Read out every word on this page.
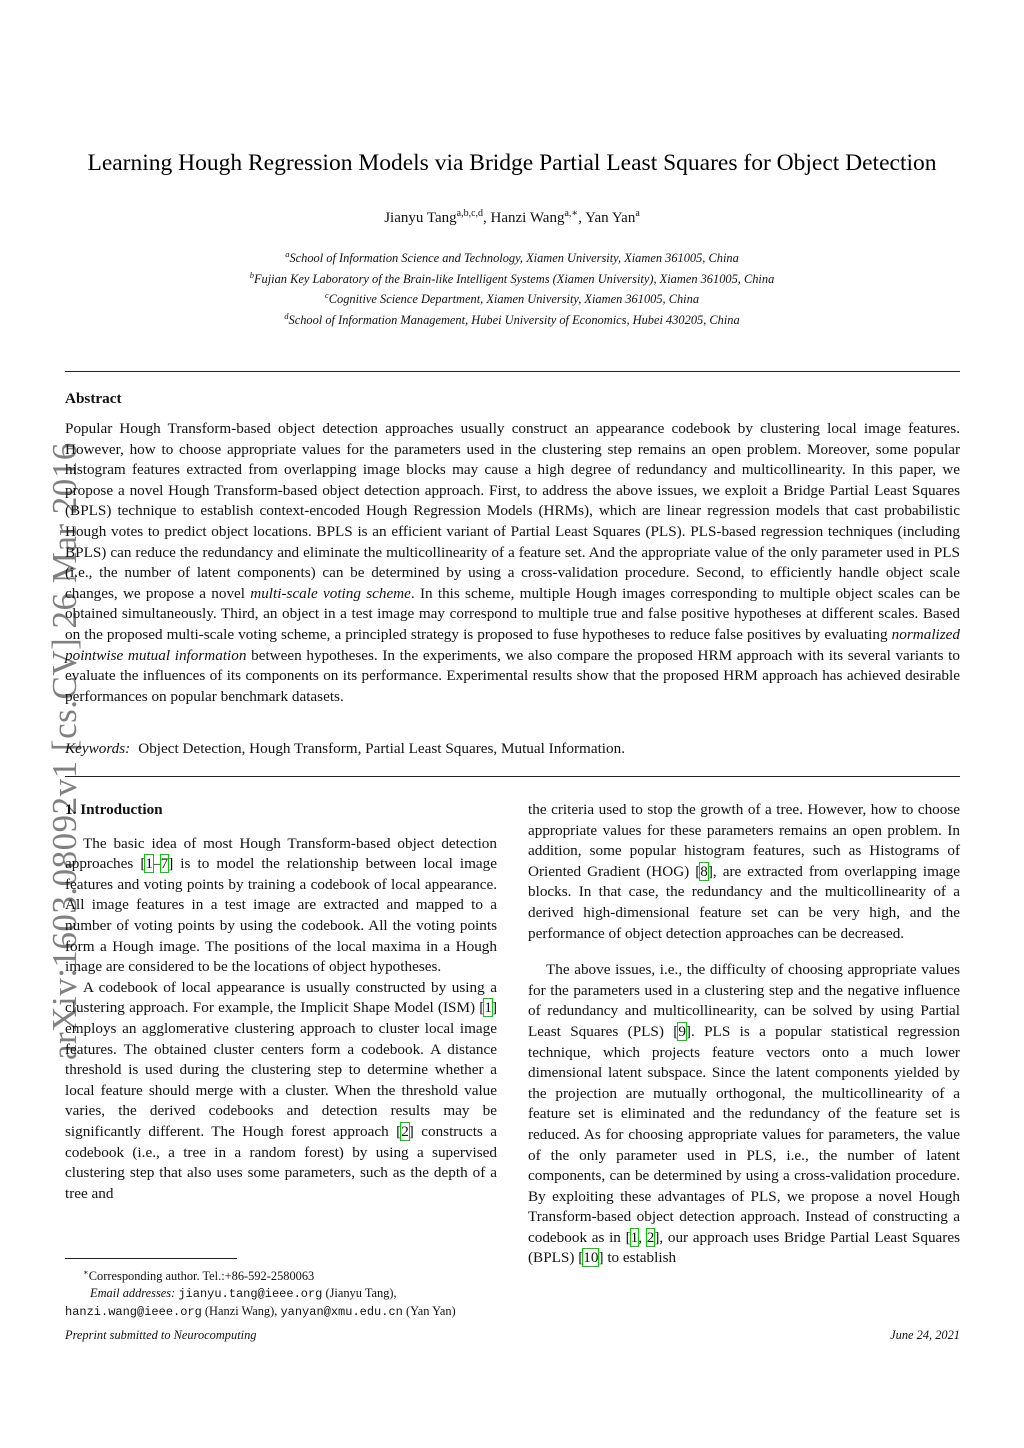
arXiv:1603.08092v1 [cs.CV] 26 Mar 2016
Learning Hough Regression Models via Bridge Partial Least Squares for Object Detection
Jianyu Tang$^{a,b,c,d}$, Hanzi Wang$^{a,∗}$, Yan Yan$^a$
$^a$School of Information Science and Technology, Xiamen University, Xiamen 361005, China
$^b$Fujian Key Laboratory of the Brain-like Intelligent Systems (Xiamen University), Xiamen 361005, China
$^c$Cognitive Science Department, Xiamen University, Xiamen 361005, China
$^d$School of Information Management, Hubei University of Economics, Hubei 430205, China
Abstract
Popular Hough Transform-based object detection approaches usually construct an appearance codebook by clustering local image features. However, how to choose appropriate values for the parameters used in the clustering step remains an open problem. Moreover, some popular histogram features extracted from overlapping image blocks may cause a high degree of redundancy and multicollinearity. In this paper, we propose a novel Hough Transform-based object detection approach. First, to address the above issues, we exploit a Bridge Partial Least Squares (BPLS) technique to establish context-encoded Hough Regression Models (HRMs), which are linear regression models that cast probabilistic Hough votes to predict object locations. BPLS is an efficient variant of Partial Least Squares (PLS). PLS-based regression techniques (including BPLS) can reduce the redundancy and eliminate the multicollinearity of a feature set. And the appropriate value of the only parameter used in PLS (i.e., the number of latent components) can be determined by using a cross-validation procedure. Second, to efficiently handle object scale changes, we propose a novel multi-scale voting scheme. In this scheme, multiple Hough images corresponding to multiple object scales can be obtained simultaneously. Third, an object in a test image may correspond to multiple true and false positive hypotheses at different scales. Based on the proposed multi-scale voting scheme, a principled strategy is proposed to fuse hypotheses to reduce false positives by evaluating normalized pointwise mutual information between hypotheses. In the experiments, we also compare the proposed HRM approach with its several variants to evaluate the influences of its components on its performance. Experimental results show that the proposed HRM approach has achieved desirable performances on popular benchmark datasets.
Keywords: Object Detection, Hough Transform, Partial Least Squares, Mutual Information.

1. Introduction

The basic idea of most Hough Transform-based object detection approaches [1–7] is to model the relationship between local image features and voting points by training a codebook of local appearance. All image features in a test image are extracted and mapped to a number of voting points by using the codebook. All the voting points form a Hough image. The positions of the local maxima in a Hough image are considered to be the locations of object hypotheses.

A codebook of local appearance is usually constructed by using a clustering approach. For example, the Implicit Shape Model (ISM) [1] employs an agglomerative clustering approach to cluster local image features. The obtained cluster centers form a codebook. A distance threshold is used during the clustering step to determine whether a local feature should merge with a cluster. When the threshold value varies, the derived codebooks and detection results may be significantly different. The Hough forest approach [2] constructs a codebook (i.e., a tree in a random forest) by using a supervised clustering step that also uses some parameters, such as the depth of a tree and

the criteria used to stop the growth of a tree. However, how to choose appropriate values for these parameters remains an open problem. In addition, some popular histogram features, such as Histograms of Oriented Gradient (HOG) [8], are extracted from overlapping image blocks. In that case, the redundancy and the multicollinearity of a derived high-dimensional feature set can be very high, and the performance of object detection approaches can be decreased.

The above issues, i.e., the difficulty of choosing appropriate values for the parameters used in a clustering step and the negative influence of redundancy and multicollinearity, can be solved by using Partial Least Squares (PLS) [9]. PLS is a popular statistical regression technique, which projects feature vectors onto a much lower dimensional latent subspace. Since the latent components yielded by the projection are mutually orthogonal, the multicollinearity of a feature set is eliminated and the redundancy of the feature set is reduced. As for choosing appropriate values for parameters, the value of the only parameter used in PLS, i.e., the number of latent components, can be determined by using a cross-validation procedure. By exploiting these advantages of PLS, we propose a novel Hough Transform-based object detection approach. Instead of constructing a codebook as in [1, 2], our approach uses Bridge Partial Least Squares (BPLS) [10] to establish

∗Corresponding author. Tel.:+86-592-2580063
Email addresses: jianyu.tang@ieee.org (Jianyu Tang),
hanzi.wang@ieee.org (Hanzi Wang), yanyan@xmu.edu.cn (Yan Yan)
Preprint submitted to Neurocomputing	June 24, 2021
